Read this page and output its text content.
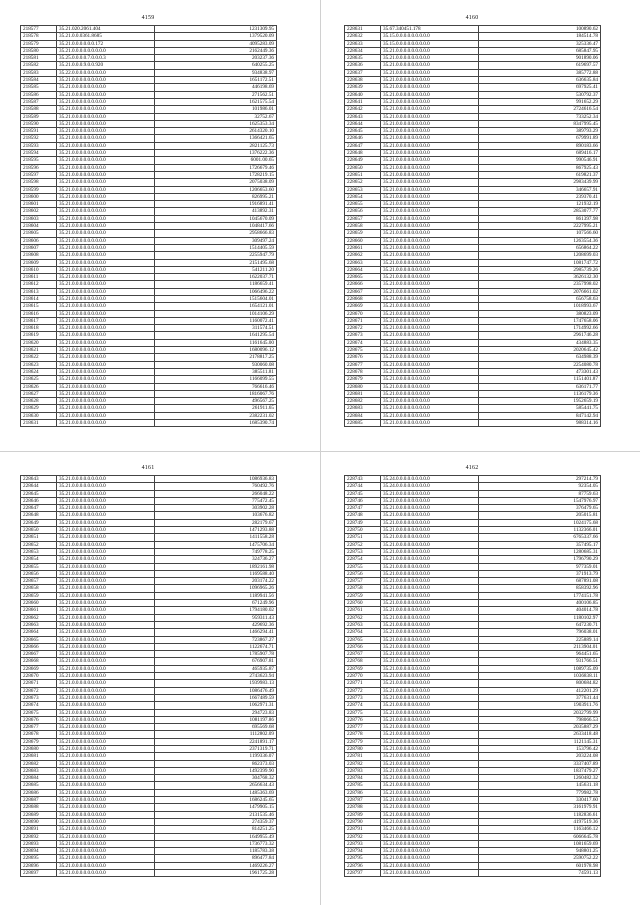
4159
218577	35.21.020.2061.404	1231309.95
218578	35.21.0.0.0361.8685	1379520.09
218579	35.21.0.0.0.0.0.0.172	4095283.09
218580	35.21.0.0.0.0.0.0.0.0.0	2162449.36
218581	35.25.0.0.0.0.7.0.0.0.3	203237.36
218582	35.21.0.0.0.9.0.0.920	640255.25
218583	35.22.0.0.0.0.0.0.0.0.0	934838.97
218584	35.21.0.0.0.0.0.0.0.0.0	1651172.51
218585	35.21.0.0.0.0.0.0.0.0.0	446198.69
218586	35.21.0.0.0.0.0.0.0.0.0	271562.51
218587	35.21.0.0.0.0.0.0.0.0.0	1621575.54
218588	35.21.0.0.0.0.0.0.0.0.0	101986.01
218589	35.21.0.0.0.0.0.0.0.0.0	32752.67
218590	35.21.0.0.0.0.0.0.0.0.0	1625353.34
218591	35.21.0.0.0.0.0.0.0.0.0	2614320.10
218592	35.21.0.0.0.0.0.0.0.0.0	1366421.65
218593	35.21.0.0.0.0.0.0.0.0.0	2821125.73
218594	35.21.0.0.0.0.0.0.0.0.0	1376222.36
218595	35.21.0.0.0.0.0.0.0.0.0	6001.00.65
218596	35.21.0.0.0.0.0.0.0.0.0	1726679.46
218597	35.21.0.0.0.0.0.0.0.0.0	1728219.15
218598	35.21.0.0.0.0.0.0.0.0.0	2075038.09
218599	35.21.0.0.0.0.0.0.0.0.0	1206653.60
218600	35.21.0.0.0.0.0.0.0.0.0	826995.21
218601	35.21.0.0.0.0.0.0.0.0.0	1916891.41
218602	35.21.0.0.0.0.0.0.0.0.0	413892.31
218603	35.21.0.0.0.0.0.0.0.0.0	1045670.09
218604	35.21.0.0.0.0.0.0.0.0.0	1048417.66
218605	35.21.0.0.0.0.0.0.0.0.0	2958666.83
218606	35.21.0.0.0.0.0.0.0.0.0	309497.24
218607	35.21.0.0.0.0.0.0.0.0.0	1514405.59
218608	35.21.0.0.0.0.0.0.0.0.0	2255947.79
218609	35.21.0.0.0.0.0.0.0.0.0	2151495.68
218610	35.21.0.0.0.0.0.0.0.0.0	541211.20
218611	35.21.0.0.0.0.0.0.0.0.0	1622037.71
218612	35.21.0.0.0.0.0.0.0.0.0	1186659.41
218613	35.21.0.0.0.0.0.0.0.0.0	1066496.22
218614	35.21.0.0.0.0.0.0.0.0.0	1515604.01
218615	35.21.0.0.0.0.0.0.0.0.0	1654121.01
218616	35.21.0.0.0.0.0.0.0.0.0	1014106.29
218617	35.21.0.0.0.0.0.0.0.0.0	1160072.41
218618	35.21.0.0.0.0.0.0.0.0.0	311574.51
218619	35.21.0.0.0.0.0.0.0.0.0	1641295.54
218620	35.21.0.0.0.0.0.0.0.0.0	1161645.00
218621	35.21.0.0.0.0.0.0.0.0.0	1680096.12
218622	35.21.0.0.0.0.0.0.0.0.0	2178817.25
218623	35.21.0.0.0.0.0.0.0.0.0	930060.08
218624	35.21.0.0.0.0.0.0.0.0.0	385511.81
218625	35.21.0.0.0.0.0.0.0.0.0	1166099.55
218626	35.21.0.0.0.0.0.0.0.0.0	766616.46
218627	35.21.0.0.0.0.0.0.0.0.0	1816067.76
218628	35.21.0.0.0.0.0.0.0.0.0	496567.25
218629	35.21.0.0.0.0.0.0.0.0.0	261911.65
218630	35.21.0.0.0.0.0.0.0.0.0	2382231.02
218631	35.21.0.0.0.0.0.0.0.0.0	1685390.74
4160
228631	35.67.340451.178	100890.62
228632	35.15.0.0.0.0.0.0.0.0.0	184514.78
228633	35.15.0.0.0.0.0.0.0.0.0	325336.47
228634	35.21.0.0.0.0.0.0.0.0.0	685847.95
228635	35.21.0.0.0.0.0.0.0.0.0	901890.06
228636	35.21.0.0.0.0.0.0.0.0.0	619697.57
228637	35.21.0.0.0.0.0.0.0.0.0	385772.88
228638	35.21.0.0.0.0.0.0.0.0.0	636635.84
228639	35.21.0.0.0.0.0.0.0.0.0	697925.41
228640	35.21.0.0.0.0.0.0.0.0.0	530792.37
228641	35.21.0.0.0.0.0.0.0.0.0	991652.29
228642	35.21.0.0.0.0.0.0.0.0.0	2724616.54
228643	35.21.0.0.0.0.0.0.0.0.0	733252.34
228644	35.21.0.0.0.0.0.0.0.0.0	8347995.45
228645	35.21.0.0.0.0.0.0.0.0.0	389793.29
228646	35.21.0.0.0.0.0.0.0.0.0	679991.89
228647	35.21.0.0.0.0.0.0.0.0.0	890183.66
228648	35.21.0.0.0.0.0.0.0.0.0	689416.17
228649	35.21.0.0.0.0.0.0.0.0.0	990546.91
228650	35.21.0.0.0.0.0.0.0.0.0	867925.43
228651	35.21.0.0.0.0.0.0.0.0.0	619821.37
228652	35.21.0.0.0.0.0.0.0.0.0	2983439.99
228653	35.21.0.0.0.0.0.0.0.0.0	346657.91
228654	35.21.0.0.0.0.0.0.0.0.0	239370.41
228655	35.21.0.0.0.0.0.0.0.0.0	121932.19
228656	35.21.0.0.0.0.0.0.0.0.0	2853077.77
228657	35.21.0.0.0.0.0.0.0.0.0	861397.98
228658	35.21.0.0.0.0.0.0.0.0.0	2227995.21
228659	35.21.0.0.0.0.0.0.0.0.0	107566.60
228660	35.21.0.0.0.0.0.0.0.0.0	1263554.36
228661	35.21.0.0.0.0.0.0.0.0.0	656864.22
228662	35.21.0.0.0.0.0.0.0.0.0	1208699.03
228663	35.21.0.0.0.0.0.0.0.0.0	1081747.72
228664	35.21.0.0.0.0.0.0.0.0.0	2985739.26
228665	35.21.0.0.0.0.0.0.0.0.0	3626132.30
228666	35.21.0.0.0.0.0.0.0.0.0	2357998.02
228667	35.21.0.0.0.0.0.0.0.0.0	2076661.02
228668	35.21.0.0.0.0.0.0.0.0.0	656758.63
228669	35.21.0.0.0.0.0.0.0.0.0	1018993.67
228670	35.21.0.0.0.0.0.0.0.0.0	380823.09
228671	35.21.0.0.0.0.0.0.0.0.0	1747658.06
228672	35.21.0.0.0.0.0.0.0.0.0	1714992.66
228673	35.21.0.0.0.0.0.0.0.0.0	2961746.28
228674	35.21.0.0.0.0.0.0.0.0.0	434883.35
228675	35.21.0.0.0.0.0.0.0.0.0	2020645.42
228676	35.21.0.0.0.0.0.0.0.0.0	634988.39
228677	35.21.0.0.0.0.0.0.0.0.0	2254080.78
228678	35.21.0.0.0.0.0.0.0.0.0	473301.43
228679	35.21.0.0.0.0.0.0.0.0.0	1151401.87
228680	35.21.0.0.0.0.0.0.0.0.0	636171.77
228681	35.21.0.0.0.0.0.0.0.0.0	1136179.36
228682	35.21.0.0.0.0.0.0.0.0.0	1952659.19
228683	35.21.0.0.0.0.0.0.0.0.0	585441.75
228684	35.21.0.0.0.0.0.0.0.0.0	847142.94
228685	35.21.0.0.0.0.0.0.0.0.0	988314.16
4161
228643	35.21.0.0.0.0.0.0.0.0.0	1086936.83
228644	35.21.0.0.0.0.0.0.0.0.0	760492.76
228645	35.21.0.0.0.0.0.0.0.0.0	266048.22
228646	35.21.0.0.0.0.0.0.0.0.0	775472.45
228647	35.21.0.0.0.0.0.0.0.0.0	303902.28
228648	35.21.0.0.0.0.0.0.0.0.0	103676.82
228649	35.21.0.0.0.0.0.0.0.0.0	282179.67
228650	35.21.0.0.0.0.0.0.0.0.0	1471293.88
228651	35.21.0.0.0.0.0.0.0.0.0	1411558.28
228652	35.21.0.0.0.0.0.0.0.0.0	1475706.34
228653	35.21.0.0.0.0.0.0.0.0.0	749778.25
228654	35.21.0.0.0.0.0.0.0.0.0	324736.27
228655	35.21.0.0.0.0.0.0.0.0.0	1892161.98
228656	35.21.0.0.0.0.0.0.0.0.0	1169588.40
228657	35.21.0.0.0.0.0.0.0.0.0	203174.22
228658	35.21.0.0.0.0.0.0.0.0.0	1096965.26
228659	35.21.0.0.0.0.0.0.0.0.0	1189941.56
228660	35.21.0.0.0.0.0.0.0.0.0	671249.96
228661	35.21.0.0.0.0.0.0.0.0.0	1794180.02
228662	35.21.0.0.0.0.0.0.0.0.0	959311.43
228663	35.21.0.0.0.0.0.0.0.0.0	429692.36
228664	35.21.0.0.0.0.0.0.0.0.0	1466294.41
228665	35.21.0.0.0.0.0.0.0.0.0	723867.27
228666	35.21.0.0.0.0.0.0.0.0.0	1122674.71
228667	35.21.0.0.0.0.0.0.0.0.0	1785907.78
228668	35.21.0.0.0.0.0.0.0.0.0	676907.81
228669	35.21.0.0.0.0.0.0.0.0.0	465935.87
228670	35.21.0.0.0.0.0.0.0.0.0	2743623.94
228671	35.21.0.0.0.0.0.0.0.0.0	1939983.13
228672	35.21.0.0.0.0.0.0.0.0.0	1086476.49
228673	35.21.0.0.0.0.0.0.0.0.0	1667489.59
228674	35.21.0.0.0.0.0.0.0.0.0	1062971.31
228675	35.21.0.0.0.0.0.0.0.0.0	294723.83
228676	35.21.0.0.0.0.0.0.0.0.0	1081197.86
228677	35.21.0.0.0.0.0.0.0.0.0	695569.68
228678	35.21.0.0.0.0.0.0.0.0.0	1112802.09
228679	35.21.0.0.0.0.0.0.0.0.0	2241891.17
228680	35.21.0.0.0.0.0.0.0.0.0	2371319.71
228681	35.21.0.0.0.0.0.0.0.0.0	1199336.07
228682	35.21.0.0.0.0.0.0.0.0.0	862373.03
228683	35.21.0.0.0.0.0.0.0.0.0	1492399.90
228684	35.21.0.0.0.0.0.0.0.0.0	304768.32
228685	35.21.0.0.0.0.0.0.0.0.0	2656634.43
228686	35.21.0.0.0.0.0.0.0.0.0	1485363.69
228687	35.21.0.0.0.0.0.0.0.0.0	1686245.65
228688	35.21.0.0.0.0.0.0.0.0.0	1479905.15
228689	35.21.0.0.0.0.0.0.0.0.0	2131535.46
228690	35.21.0.0.0.0.0.0.0.0.0	274359.37
228691	35.21.0.0.0.0.0.0.0.0.0	814251.25
228692	35.21.0.0.0.0.0.0.0.0.0	1649955.49
228693	35.21.0.0.0.0.0.0.0.0.0	1736773.32
228694	35.21.0.0.0.0.0.0.0.0.0	1185783.38
228695	35.21.0.0.0.0.0.0.0.0.0	896477.84
228696	35.21.0.0.0.0.0.0.0.0.0	1469226.27
228697	35.21.0.0.0.0.0.0.0.0.0	1961725.28
4162
228743	35.24.0.0.0.0.0.0.0.0.0	297214.79
228744	35.24.0.0.0.0.0.0.0.0.0	92354.05
228745	35.21.0.0.0.0.0.0.0.0.0	87759.63
228746	35.21.0.0.0.0.0.0.0.0.0	1547976.97
228747	35.21.0.0.0.0.0.0.0.0.0	376479.65
228748	35.21.0.0.0.0.0.0.0.0.0	205015.81
228749	35.21.0.0.0.0.0.0.0.0.0	1024175.68
228750	35.21.0.0.0.0.0.0.0.0.0	1132366.01
228751	35.21.0.0.0.0.0.0.0.0.0	6765337.66
228752	35.21.0.0.0.0.0.0.0.0.0	357495.17
228753	35.21.0.0.0.0.0.0.0.0.0	1280685.31
228754	35.21.0.0.0.0.0.0.0.0.0	1796790.29
228755	35.21.0.0.0.0.0.0.0.0.0	977359.01
228756	35.21.0.0.0.0.0.0.0.0.0	371913.79
228757	35.21.0.0.0.0.0.0.0.0.0	687891.08
228758	35.21.0.0.0.0.0.0.0.0.0	858392.96
228759	35.21.0.0.0.0.0.0.0.0.0	1774151.78
228760	35.21.0.0.0.0.0.0.0.0.0	400106.85
228761	35.21.0.0.0.0.0.0.0.0.0	404014.78
228762	35.21.0.0.0.0.0.0.0.0.0	1180102.97
228763	35.21.0.0.0.0.0.0.0.0.0	647230.71
228764	35.21.0.0.0.0.0.0.0.0.0	796038.01
228765	35.21.0.0.0.0.0.0.0.0.0	225889.14
228766	35.21.0.0.0.0.0.0.0.0.0	2113904.01
228767	35.21.0.0.0.0.0.0.0.0.0	964451.65
228768	35.21.0.0.0.0.0.0.0.0.0	931766.51
228769	35.21.0.0.0.0.0.0.0.0.0	1089735.09
228770	35.21.0.0.0.0.0.0.0.0.0	1036838.11
228771	35.21.0.0.0.0.0.0.0.0.0	800684.82
228772	35.21.0.0.0.0.0.0.0.0.0	412201.29
228773	35.21.0.0.0.0.0.0.0.0.0	377631.44
228774	35.21.0.0.0.0.0.0.0.0.0	1903911.76
228775	35.21.0.0.0.0.0.0.0.0.0	2032799.99
228776	35.21.0.0.0.0.0.0.0.0.0	798066.53
228777	35.21.0.0.0.0.0.0.0.0.0	2035887.29
228778	35.21.0.0.0.0.0.0.0.0.0	2633418.48
228779	35.21.0.0.0.0.0.0.0.0.0	1121145.31
228780	35.21.0.0.0.0.0.0.0.0.0	153796.42
228781	35.21.0.0.0.0.0.0.0.0.0	203224.08
228782	35.21.0.0.0.0.0.0.0.0.0	3337407.89
228783	35.21.0.0.0.0.0.0.0.0.0	1837479.27
228784	35.21.0.0.0.0.0.0.0.0.0	1260482.32
228785	35.21.0.0.0.0.0.0.0.0.0	145631.18
228786	35.21.0.0.0.0.0.0.0.0.0	779982.78
228787	35.21.0.0.0.0.0.0.0.0.0	330417.60
228788	35.21.0.0.0.0.0.0.0.0.0	3161979.91
228789	35.21.0.0.0.0.0.0.0.0.0	1182836.61
228790	35.21.0.0.0.0.0.0.0.0.0	4197519.36
228791	35.21.0.0.0.0.0.0.0.0.0	1163466.12
228792	35.21.0.0.0.0.0.0.0.0.0	6066645.78
228793	35.21.0.0.0.0.0.0.0.0.0	1081659.69
228794	35.21.0.0.0.0.0.0.0.0.0	948801.25
228795	35.21.0.0.0.0.0.0.0.0.0	2590752.22
228796	35.21.0.0.0.0.0.0.0.0.0	601978.98
228797	35.21.0.0.0.0.0.0.0.0.0	74591.13
